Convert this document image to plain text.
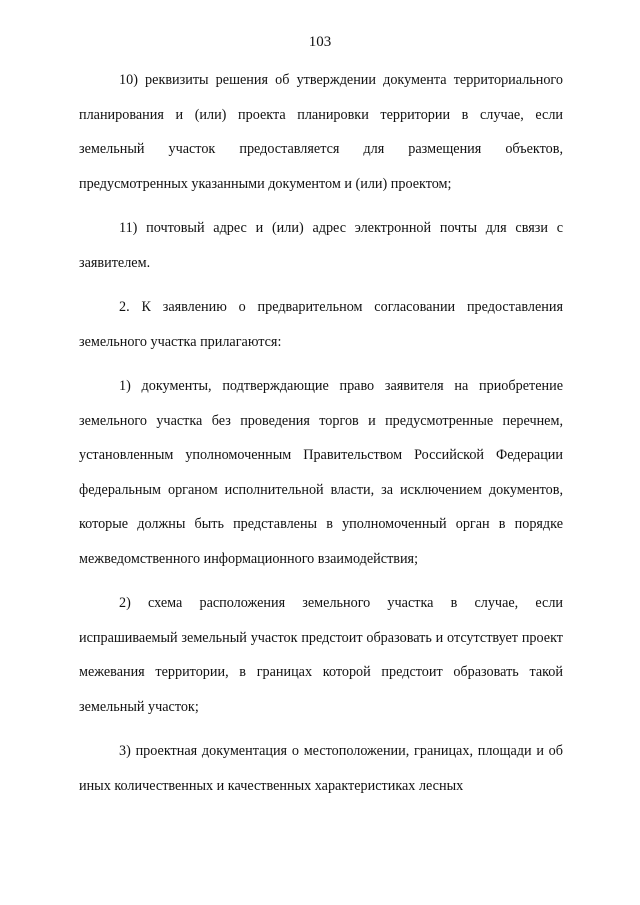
103

10) реквизиты решения об утверждении документа территориального планирования и (или) проекта планировки территории в случае, если земельный участок предоставляется для размещения объектов, предусмотренных указанными документом и (или) проектом;

11) почтовый адрес и (или) адрес электронной почты для связи с заявителем.

2. К заявлению о предварительном согласовании предоставления земельного участка прилагаются:

1) документы, подтверждающие право заявителя на приобретение земельного участка без проведения торгов и предусмотренные перечнем, установленным уполномоченным Правительством Российской Федерации федеральным органом исполнительной власти, за исключением документов, которые должны быть представлены в уполномоченный орган в порядке межведомственного информационного взаимодействия;

2) схема расположения земельного участка в случае, если испрашиваемый земельный участок предстоит образовать и отсутствует проект межевания территории, в границах которой предстоит образовать такой земельный участок;

3) проектная документация о местоположении, границах, площади и об иных количественных и качественных характеристиках лесных
